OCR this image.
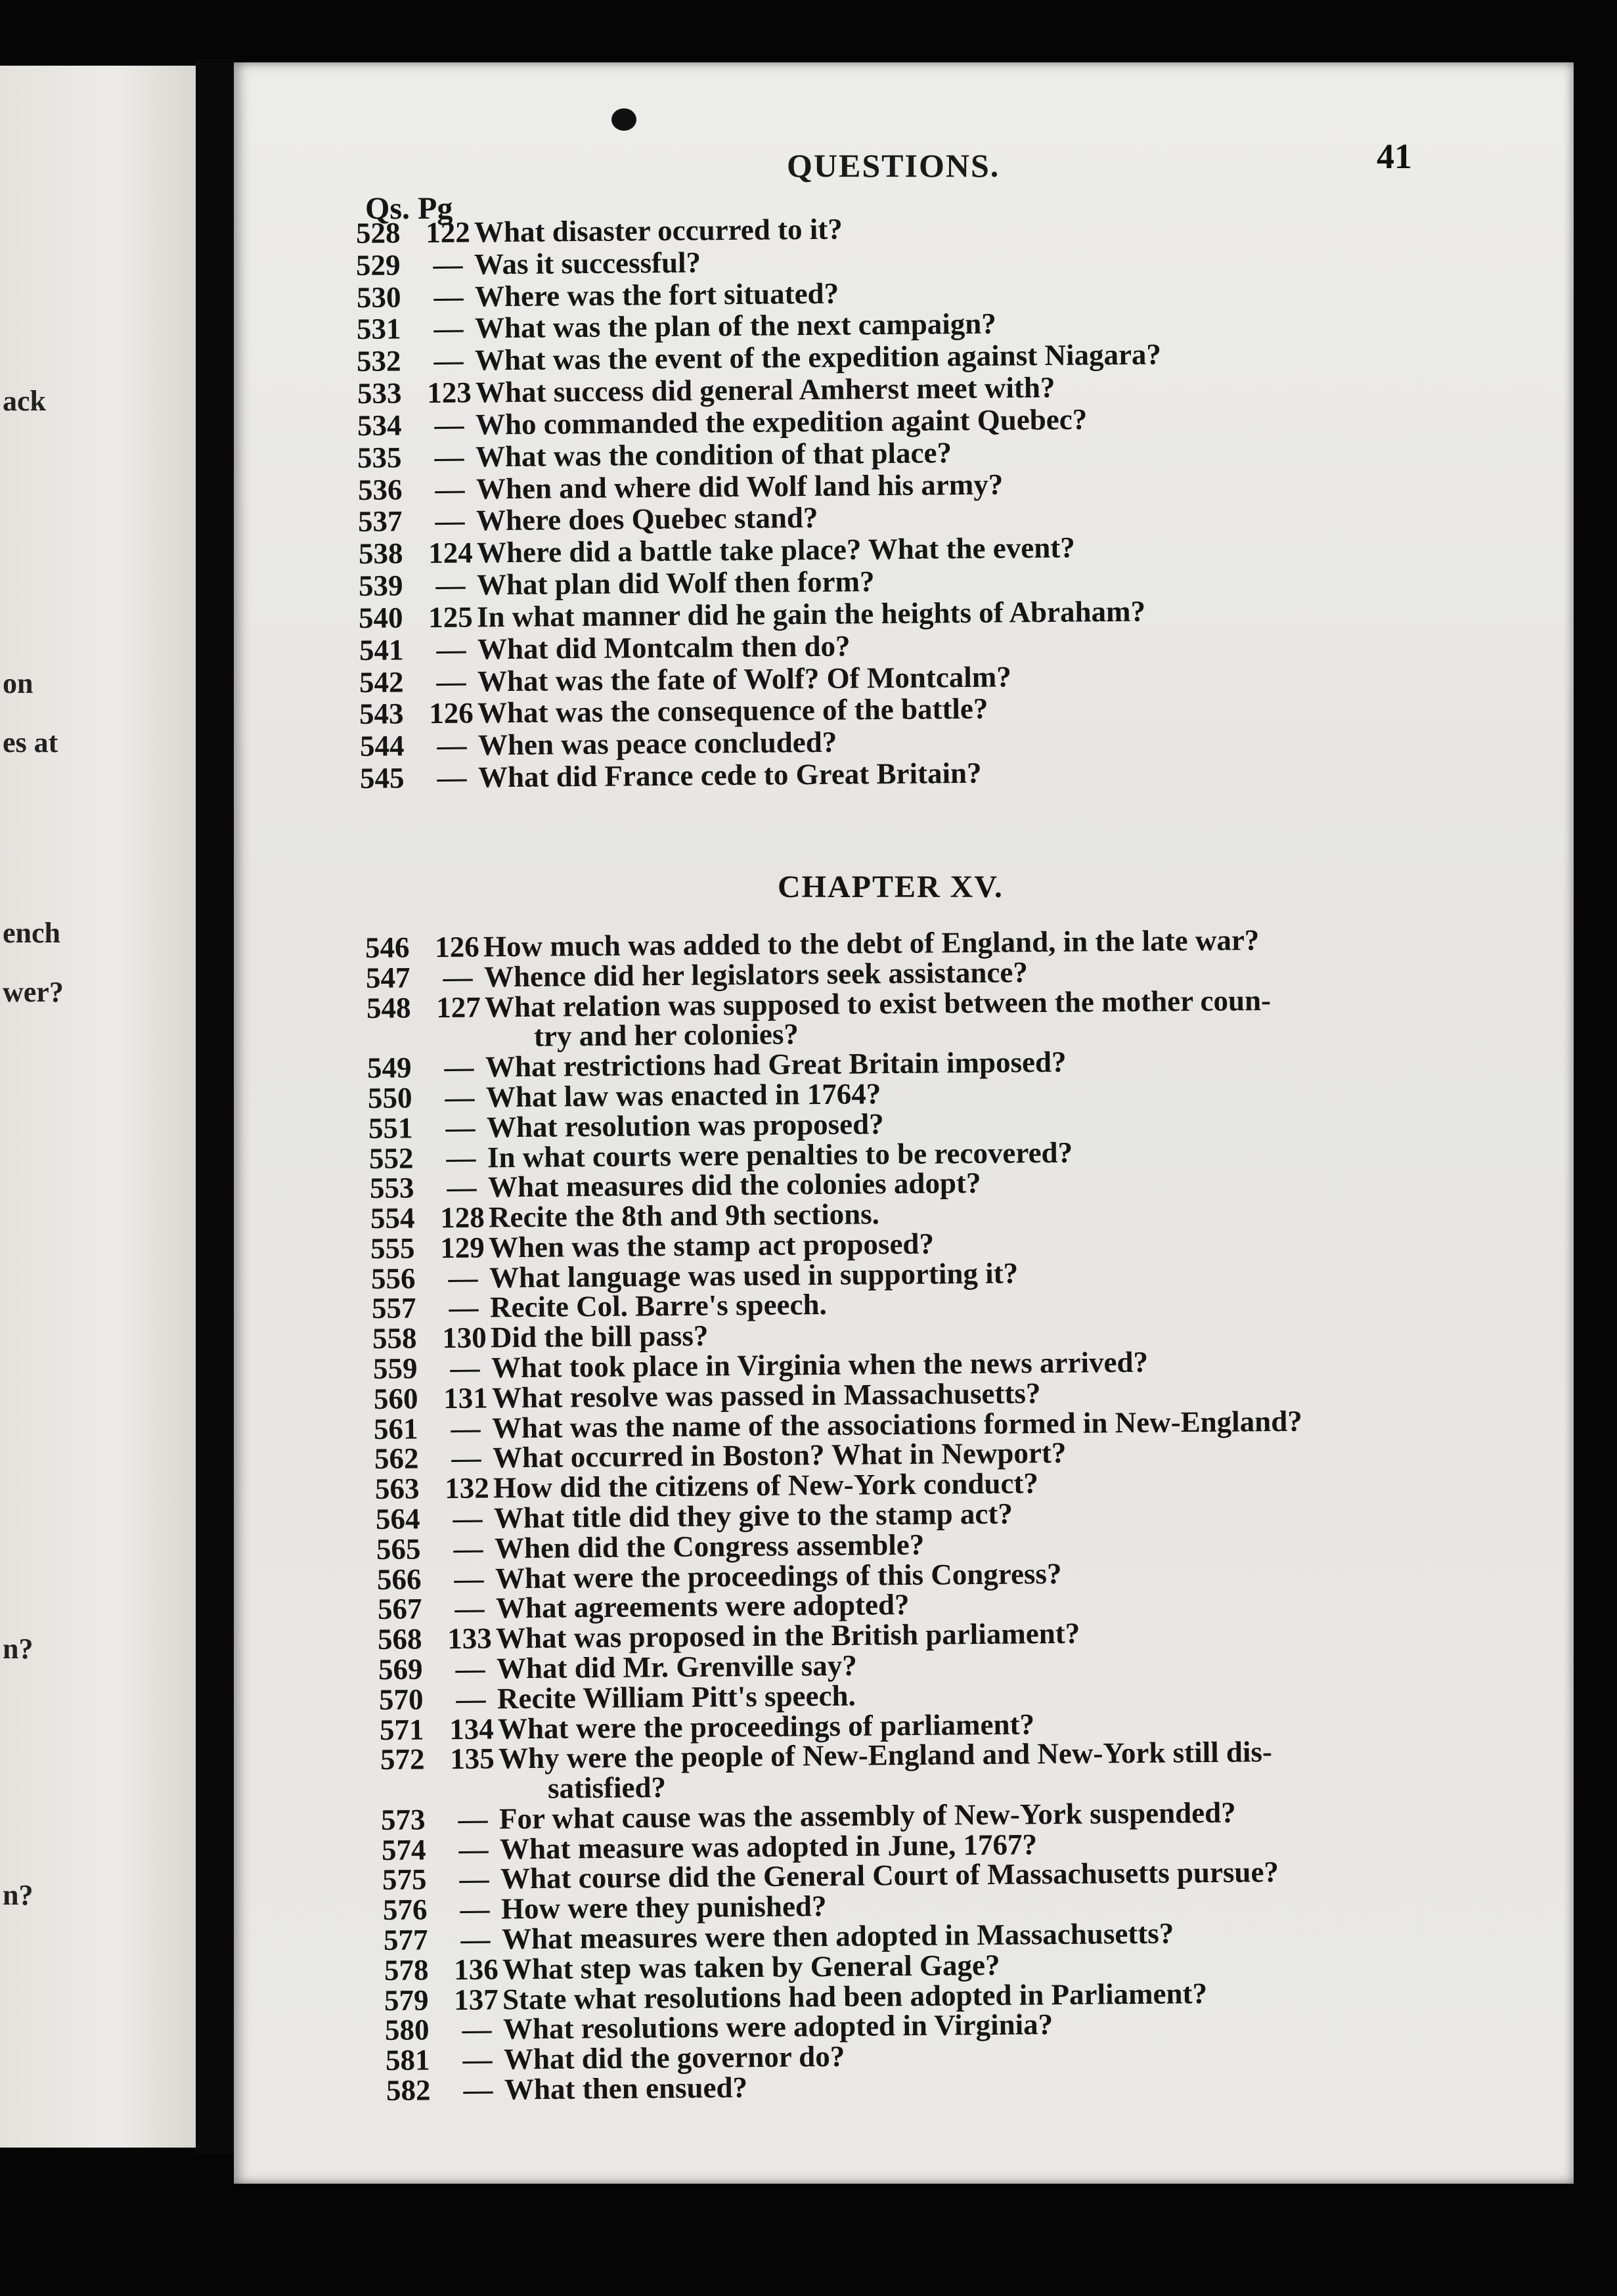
ack
on
es at
ench
wer?
n?
n?
QUESTIONS.	41
Qs. Pg
528 122 What disaster occurred to it?
529 — Was it successful?
530 — Where was the fort situated?
531 — What was the plan of the next campaign?
532 — What was the event of the expedition against Niagara?
533 123 What success did general Amherst meet with?
534 — Who commanded the expedition againt Quebec?
535 — What was the condition of that place?
536 — When and where did Wolf land his army?
537 — Where does Quebec stand?
538 124 Where did a battle take place? What the event?
539 — What plan did Wolf then form?
540 125 In what manner did he gain the heights of Abraham?
541 — What did Montcalm then do?
542 — What was the fate of Wolf? Of Montcalm?
543 126 What was the consequence of the battle?
544 — When was peace concluded?
545 — What did France cede to Great Britain?
CHAPTER XV.
546 126 How much was added to the debt of England, in the late war?
547 — Whence did her legislators seek assistance?
548 127 What relation was supposed to exist between the mother coun-
try and her colonies?
549 — What restrictions had Great Britain imposed?
550 — What law was enacted in 1764?
551 — What resolution was proposed?
552 — In what courts were penalties to be recovered?
553 — What measures did the colonies adopt?
554 128 Recite the 8th and 9th sections.
555 129 When was the stamp act proposed?
556 — What language was used in supporting it?
557 — Recite Col. Barre's speech.
558 130 Did the bill pass?
559 — What took place in Virginia when the news arrived?
560 131 What resolve was passed in Massachusetts?
561 — What was the name of the associations formed in New-England?
562 — What occurred in Boston? What in Newport?
563 132 How did the citizens of New-York conduct?
564 — What title did they give to the stamp act?
565 — When did the Congress assemble?
566 — What were the proceedings of this Congress?
567 — What agreements were adopted?
568 133 What was proposed in the British parliament?
569 — What did Mr. Grenville say?
570 — Recite William Pitt's speech.
571 134 What were the proceedings of parliament?
572 135 Why were the people of New-England and New-York still dis-
satisfied?
573 — For what cause was the assembly of New-York suspended?
574 — What measure was adopted in June, 1767?
575 — What course did the General Court of Massachusetts pursue?
576 — How were they punished?
577 — What measures were then adopted in Massachusetts?
578 136 What step was taken by General Gage?
579 137 State what resolutions had been adopted in Parliament?
580 — What resolutions were adopted in Virginia?
581 — What did the governor do?
582 — What then ensued?
